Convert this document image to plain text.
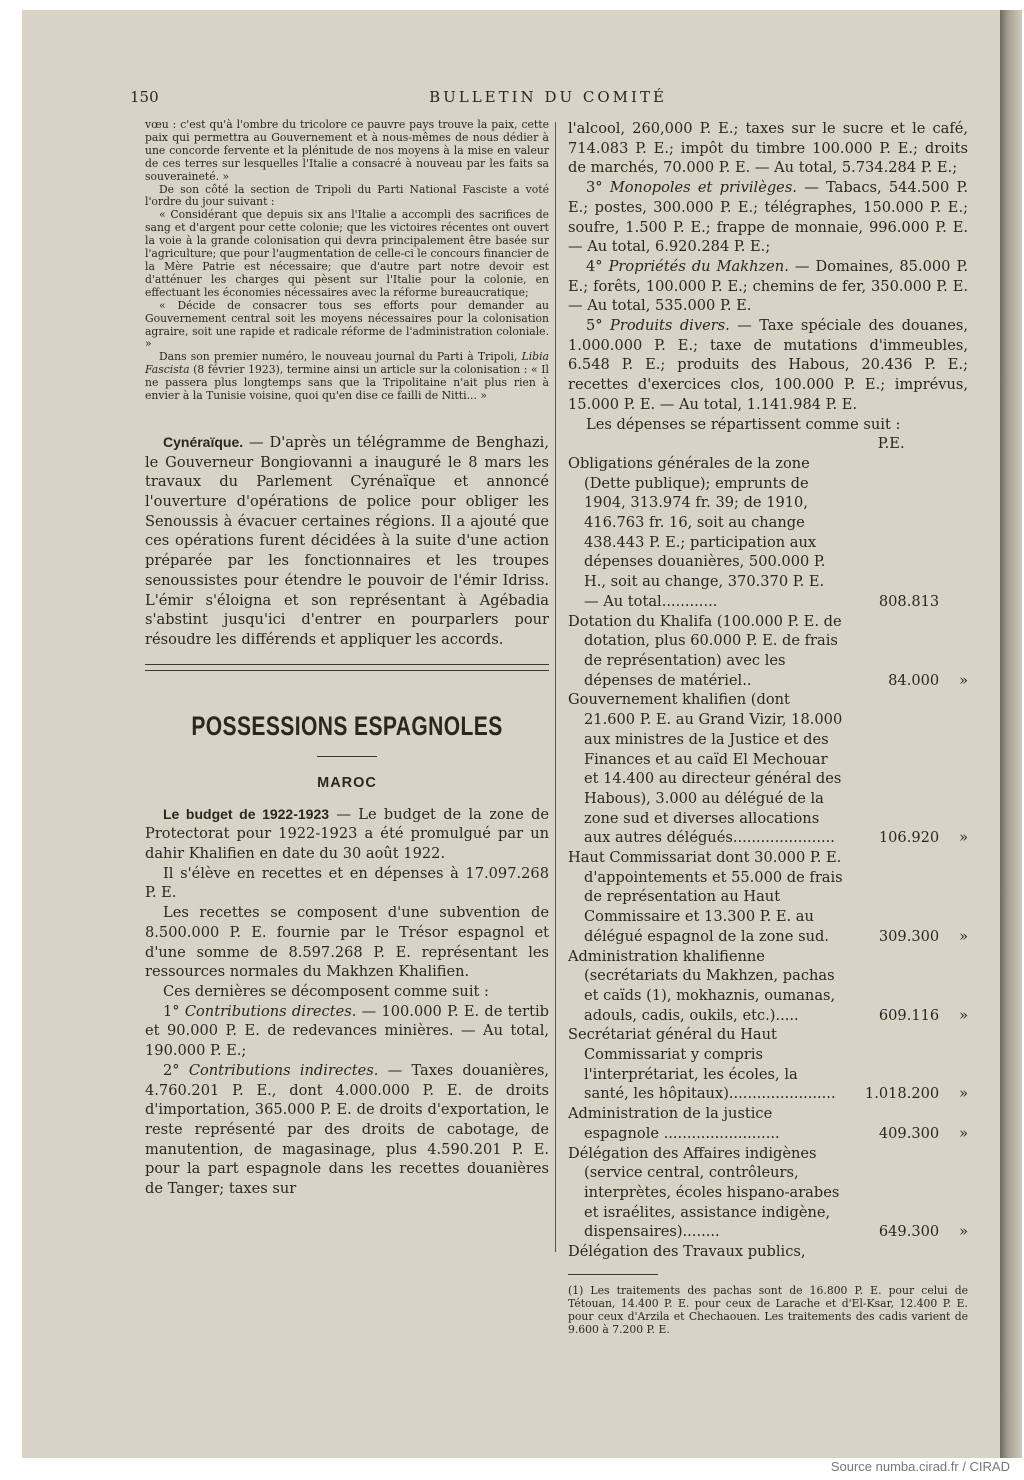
150	BULLETIN DU COMITÉ

vœu : c'est qu'à l'ombre du tricolore ce pauvre pays trouve la paix, cette paix qui permettra au Gouvernement et à nous-mêmes de nous dédier à une concorde fervente et la plénitude de nos moyens à la mise en valeur de ces terres sur lesquelles l'Italie a consacré à nouveau par les faits sa souveraineté. »

De son côté la section de Tripoli du Parti National Fasciste a voté l'ordre du jour suivant :

« Considérant que depuis six ans l'Italie a accompli des sacrifices de sang et d'argent pour cette colonie; que les victoires récentes ont ouvert la voie à la grande colonisation qui devra principalement être basée sur l'agriculture; que pour l'augmentation de celle-ci le concours financier de la Mère Patrie est nécessaire; que d'autre part notre devoir est d'atténuer les charges qui pèsent sur l'Italie pour la colonie, en effectuant les économies nécessaires avec la réforme bureaucratique;

« Décide de consacrer tous ses efforts pour demander au Gouvernement central soit les moyens nécessaires pour la colonisation agraire, soit une rapide et radicale réforme de l'administration coloniale. »

Dans son premier numéro, le nouveau journal du Parti à Tripoli, Libia Fascista (8 février 1923), termine ainsi un article sur la colonisation : « Il ne passera plus longtemps sans que la Tripolitaine n'ait plus rien à envier à la Tunisie voisine, quoi qu'en dise ce failli de Nitti... »

Cynéraïque. — D'après un télégramme de Benghazi, le Gouverneur Bongiovanni a inauguré le 8 mars les travaux du Parlement Cyrénaïque et annoncé l'ouverture d'opérations de police pour obliger les Senoussis à évacuer certaines régions. Il a ajouté que ces opérations furent décidées à la suite d'une action préparée par les fonctionnaires et les troupes senoussistes pour étendre le pouvoir de l'émir Idriss. L'émir s'éloigna et son représentant à Agébadia s'abstint jusqu'ici d'entrer en pourparlers pour résoudre les différends et appliquer les accords.

POSSESSIONS ESPAGNOLES
MAROC

Le budget de 1922-1923 — Le budget de la zone de Protectorat pour 1922-1923 a été promulgué par un dahir Khalifien en date du 30 août 1922.

Il s'élève en recettes et en dépenses à 17.097.268 P. E.

Les recettes se composent d'une subvention de 8.500.000 P. E. fournie par le Trésor espagnol et d'une somme de 8.597.268 P. E. représentant les ressources normales du Makhzen Khalifien.

Ces dernières se décomposent comme suit :

1° Contributions directes. — 100.000 P. E. de tertib et 90.000 P. E. de redevances minières. — Au total, 190.000 P. E.;

2° Contributions indirectes. — Taxes douanières, 4.760.201 P. E., dont 4.000.000 P. E. de droits d'importation, 365.000 P. E. de droits d'exportation, le reste représenté par des droits de cabotage, de manutention, de magasinage, plus 4.590.201 P. E. pour la part espagnole dans les recettes douanières de Tanger; taxes sur

l'alcool, 260,000 P. E.; taxes sur le sucre et le café, 714.083 P. E.; impôt du timbre 100.000 P. E.; droits de marchés, 70.000 P. E. — Au total, 5.734.284 P. E.;

3° Monopoles et privilèges. — Tabacs, 544.500 P. E.; postes, 300.000 P. E.; télégraphes, 150.000 P. E.; soufre, 1.500 P. E.; frappe de monnaie, 996.000 P. E. — Au total, 6.920.284 P. E.;

4° Propriétés du Makhzen. — Domaines, 85.000 P. E.; forêts, 100.000 P. E.; chemins de fer, 350.000 P. E. — Au total, 535.000 P. E.

5° Produits divers. — Taxe spéciale des douanes, 1.000.000 P. E.; taxe de mutations d'immeubles, 6.548 P. E.; produits des Habous, 20.436 P. E.; recettes d'exercices clos, 100.000 P. E.; imprévus, 15.000 P. E. — Au total, 1.141.984 P. E.

Les dépenses se répartissent comme suit :

P.E.
Obligations générales de la zone (Dette publique); emprunts de 1904, 313.974 fr. 39; de 1910, 416.763 fr. 16, soit au change 438.443 P. E.; participation aux dépenses douanières, 500.000 P. H., soit au change, 370.370 P. E. — Au total............	808.813
Dotation du Khalifa (100.000 P. E. de dotation, plus 60.000 P. E. de frais de représentation) avec les dépenses de matériel..	84.000	»
Gouvernement khalifien (dont 21.600 P. E. au Grand Vizir, 18.000 aux ministres de la Justice et des Finances et au caïd El Mechouar et 14.400 au directeur général des Habous), 3.000 au délégué de la zone sud et diverses allocations aux autres délégués......................	106.920	»
Haut Commissariat dont 30.000 P. E. d'appointements et 55.000 de frais de représentation au Haut Commissaire et 13.300 P. E. au délégué espagnol de la zone sud.	309.300	»
Administration khalifienne (secrétariats du Makhzen, pachas et caïds (1), mokhaznis, oumanas, adouls, cadis, oukils, etc.).....	609.116	»
Secrétariat général du Haut Commissariat y compris l'interprétariat, les écoles, la santé, les hôpitaux).......................	1.018.200	»
Administration de la justice espagnole .........................	409.300	»
Délégation des Affaires indigènes (service central, contrôleurs, interprètes, écoles hispano-arabes et israélites, assistance indigène, dispensaires)........	649.300	»
Délégation des Travaux publics,

(1) Les traitements des pachas sont de 16.800 P. E. pour celui de Tétouan, 14.400 P. E. pour ceux de Larache et d'El-Ksar, 12.400 P. E. pour ceux d'Arzila et Chechaouen. Les traitements des cadis varient de 9.600 à 7.200 P. E.

Source numba.cirad.fr / CIRAD
